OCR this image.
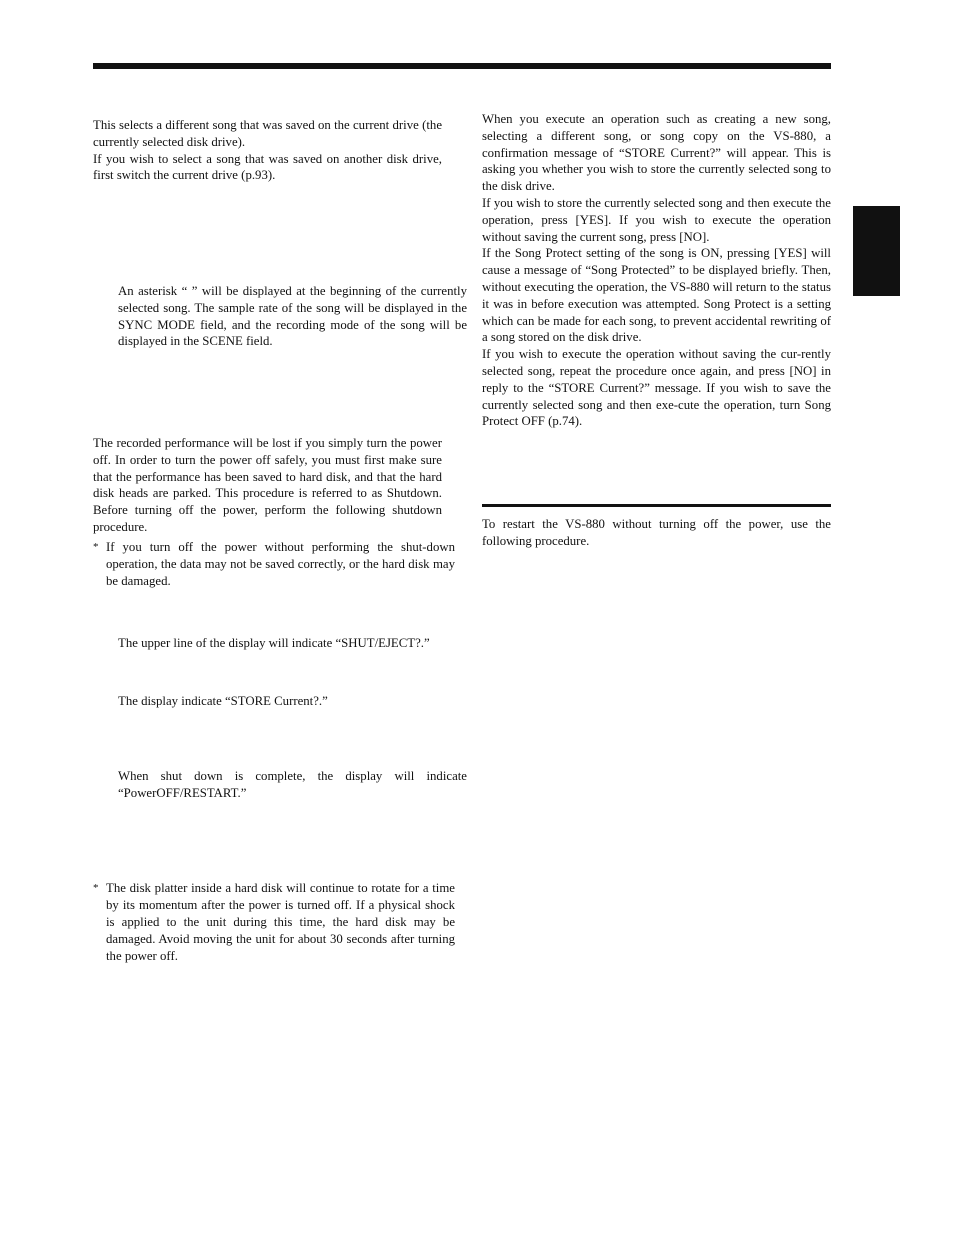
This selects a different song that was saved on the current drive (the currently selected disk drive).

If you wish to select a song that was saved on another disk drive, first switch the current drive (p.93).

An asterisk “ ” will be displayed at the beginning of the currently selected song. The sample rate of the song will be displayed in the SYNC MODE field, and the recording mode of the song will be displayed in the SCENE field.

The recorded performance will be lost if you simply turn the power off. In order to turn the power off safely, you must first make sure that the performance has been saved to hard disk, and that the hard disk heads are parked. This procedure is referred to as Shutdown. Before turning off the power, perform the following shutdown procedure.

* If you turn off the power without performing the shut-down operation, the data may not be saved correctly, or the hard disk may be damaged.

The upper line of the display will indicate “SHUT/EJECT?.”

The display indicate “STORE Current?.”

When shut down is complete, the display will indicate “PowerOFF/RESTART.”

* The disk platter inside a hard disk will continue to rotate for a time by its momentum after the power is turned off. If a physical shock is applied to the unit during this time, the hard disk may be damaged. Avoid moving the unit for about 30 seconds after turning the power off.

When you execute an operation such as creating a new song, selecting a different song, or song copy on the VS-880, a confirmation message of “STORE Current?” will appear. This is asking you whether you wish to store the currently selected song to the disk drive.

If you wish to store the currently selected song and then execute the operation, press [YES]. If you wish to execute the operation without saving the current song, press [NO].

If the Song Protect setting of the song is ON, pressing [YES] will cause a message of “Song Protected” to be displayed briefly. Then, without executing the operation, the VS-880 will return to the status it was in before execution was attempted. Song Protect is a setting which can be made for each song, to prevent accidental rewriting of a song stored on the disk drive.

If you wish to execute the operation without saving the cur-rently selected song, repeat the procedure once again, and press [NO] in reply to the “STORE Current?” message. If you wish to save the currently selected song and then exe-cute the operation, turn Song Protect OFF (p.74).

To restart the VS-880 without turning off the power, use the following procedure.
